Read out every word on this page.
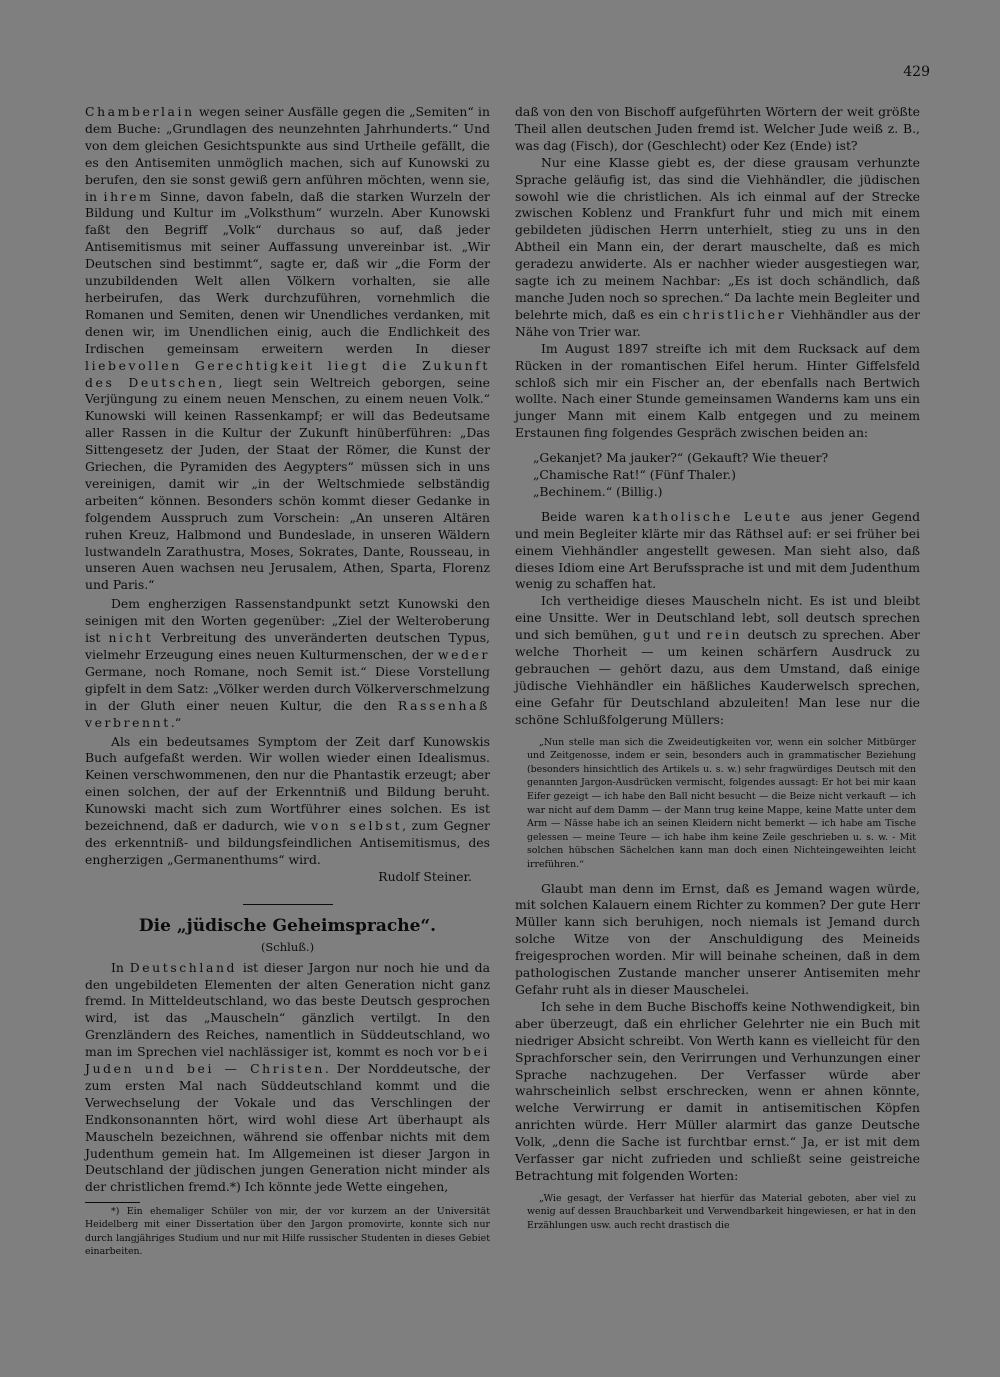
429

Chamberlain wegen seiner Ausfälle gegen die „Semiten“ in dem Buche: „Grundlagen des neunzehnten Jahrhunderts.“ Und von dem gleichen Gesichtspunkte aus sind Urtheile gefällt, die es den Antisemiten unmöglich machen, sich auf Kunowski zu berufen, den sie sonst gewiß gern anführen möchten, wenn sie, in ihrem Sinne, davon fabeln, daß die starken Wurzeln der Bildung und Kultur im „Volksthum“ wurzeln. Aber Kunowski faßt den Begriff „Volk“ durchaus so auf, daß jeder Antisemitismus mit seiner Auffassung unvereinbar ist. „Wir Deutschen sind bestimmt“, sagte er, daß wir „die Form der unzubildenden Welt allen Völkern vorhalten, sie alle herbeirufen, das Werk durchzuführen, vornehmlich die Romanen und Semiten, denen wir Unendliches verdanken, mit denen wir, im Unendlichen einig, auch die Endlichkeit des Irdischen gemeinsam erweitern werden In dieser liebevollen Gerechtigkeit liegt die Zukunft des Deutschen, liegt sein Weltreich geborgen, seine Verjüngung zu einem neuen Menschen, zu einem neuen Volk.“ Kunowski will keinen Rassenkampf; er will das Bedeutsame aller Rassen in die Kultur der Zukunft hinüberführen: „Das Sittengesetz der Juden, der Staat der Römer, die Kunst der Griechen, die Pyramiden des Aegypters“ müssen sich in uns vereinigen, damit wir „in der Weltschmiede selbständig arbeiten“ können. Besonders schön kommt dieser Gedanke in folgendem Ausspruch zum Vorschein: „An unseren Altären ruhen Kreuz, Halbmond und Bundeslade, in unseren Wäldern lustwandeln Zarathustra, Moses, Sokrates, Dante, Rousseau, in unseren Auen wachsen neu Jerusalem, Athen, Sparta, Florenz und Paris.“

Dem engherzigen Rassenstandpunkt setzt Kunowski den seinigen mit den Worten gegenüber: „Ziel der Welteroberung ist nicht Verbreitung des unveränderten deutschen Typus, vielmehr Erzeugung eines neuen Kulturmenschen, der weder Germane, noch Romane, noch Semit ist.“ Diese Vorstellung gipfelt in dem Satz: „Völker werden durch Völkerverschmelzung in der Gluth einer neuen Kultur, die den Rassenhaß verbrennt.“

Als ein bedeutsames Symptom der Zeit darf Kunowskis Buch aufgefaßt werden. Wir wollen wieder einen Idealismus. Keinen verschwommenen, den nur die Phantastik erzeugt; aber einen solchen, der auf der Erkenntniß und Bildung beruht. Kunowski macht sich zum Wortführer eines solchen. Es ist bezeichnend, daß er dadurch, wie von selbst, zum Gegner des erkenntniß- und bildungsfeindlichen Antisemitismus, des engherzigen „Germanenthums“ wird.

Rudolf Steiner.
Die „jüdische Geheimsprache“.
(Schluß.)

In Deutschland ist dieser Jargon nur noch hie und da den ungebildeten Elementen der alten Generation nicht ganz fremd. In Mitteldeutschland, wo das beste Deutsch gesprochen wird, ist das „Mauscheln“ gänzlich vertilgt. In den Grenzländern des Reiches, namentlich in Süddeutschland, wo man im Sprechen viel nachlässiger ist, kommt es noch vor bei Juden und bei — Christen. Der Norddeutsche, der zum ersten Mal nach Süddeutschland kommt und die Verwechselung der Vokale und das Verschlingen der Endkonsonannten hört, wird wohl diese Art überhaupt als Mauscheln bezeichnen, während sie offenbar nichts mit dem Judenthum gemein hat. Im Allgemeinen ist dieser Jargon in Deutschland der jüdischen jungen Generation nicht minder als der christlichen fremd.*) Ich könnte jede Wette eingehen,

*) Ein ehemaliger Schüler von mir, der vor kurzem an der Universität Heidelberg mit einer Dissertation über den Jargon promovirte, konnte sich nur durch langjähriges Studium und nur mit Hilfe russischer Studenten in dieses Gebiet einarbeiten.

daß von den von Bischoff aufgeführten Wörtern der weit größte Theil allen deutschen Juden fremd ist. Welcher Jude weiß z. B., was dag (Fisch), dor (Geschlecht) oder Kez (Ende) ist?

Nur eine Klasse giebt es, der diese grausam verhunzte Sprache geläufig ist, das sind die Viehhändler, die jüdischen sowohl wie die christlichen. Als ich einmal auf der Strecke zwischen Koblenz und Frankfurt fuhr und mich mit einem gebildeten jüdischen Herrn unterhielt, stieg zu uns in den Abtheil ein Mann ein, der derart mauschelte, daß es mich geradezu anwiderte. Als er nachher wieder ausgestiegen war, sagte ich zu meinem Nachbar: „Es ist doch schändlich, daß manche Juden noch so sprechen.“ Da lachte mein Begleiter und belehrte mich, daß es ein christlicher Viehhändler aus der Nähe von Trier war.

Im August 1897 streifte ich mit dem Rucksack auf dem Rücken in der romantischen Eifel herum. Hinter Giffelsfeld schloß sich mir ein Fischer an, der ebenfalls nach Bertwich wollte. Nach einer Stunde gemeinsamen Wanderns kam uns ein junger Mann mit einem Kalb entgegen und zu meinem Erstaunen fing folgendes Gespräch zwischen beiden an:

„Gekanjet? Ma jauker?“ (Gekauft? Wie theuer?
„Chamische Rat!“ (Fünf Thaler.)
„Bechinem.“ (Billig.)

Beide waren katholische Leute aus jener Gegend und mein Begleiter klärte mir das Räthsel auf: er sei früher bei einem Viehhändler angestellt gewesen. Man sieht also, daß dieses Idiom eine Art Berufssprache ist und mit dem Judenthum wenig zu schaffen hat.

Ich vertheidige dieses Mauscheln nicht. Es ist und bleibt eine Unsitte. Wer in Deutschland lebt, soll deutsch sprechen und sich bemühen, gut und rein deutsch zu sprechen. Aber welche Thorheit — um keinen schärfern Ausdruck zu gebrauchen — gehört dazu, aus dem Umstand, daß einige jüdische Viehhändler ein häßliches Kauderwelsch sprechen, eine Gefahr für Deutschland abzuleiten! Man lese nur die schöne Schlußfolgerung Müllers:

„Nun stelle man sich die Zweideutigkeiten vor, wenn ein solcher Mitbürger und Zeitgenosse, indem er sein, besonders auch in grammatischer Beziehung (besonders hinsichtlich des Artikels u. s. w.) sehr fragwürdiges Deutsch mit den genannten Jargon-Ausdrücken vermischt, folgendes aussagt: Er hot bei mir kaan Eifer gezeigt — ich habe den Ball nicht besucht — die Beize nicht verkauft — ich war nicht auf dem Damm — der Mann trug keine Mappe, keine Matte unter dem Arm — Nässe habe ich an seinen Kleidern nicht bemerkt — ich habe am Tische gelessen — meine Teure — ich habe ihm keine Zeile geschrieben u. s. w. - Mit solchen hübschen Sächelchen kann man doch einen Nichteingeweihten leicht irreführen.“

Glaubt man denn im Ernst, daß es Jemand wagen würde, mit solchen Kalauern einem Richter zu kommen? Der gute Herr Müller kann sich beruhigen, noch niemals ist Jemand durch solche Witze von der Anschuldigung des Meineids freigesprochen worden. Mir will beinahe scheinen, daß in dem pathologischen Zustande mancher unserer Antisemiten mehr Gefahr ruht als in dieser Mauschelei.

Ich sehe in dem Buche Bischoffs keine Nothwendigkeit, bin aber überzeugt, daß ein ehrlicher Gelehrter nie ein Buch mit niedriger Absicht schreibt. Von Werth kann es vielleicht für den Sprachforscher sein, den Verirrungen und Verhunzungen einer Sprache nachzugehen. Der Verfasser würde aber wahrscheinlich selbst erschrecken, wenn er ahnen könnte, welche Verwirrung er damit in antisemitischen Köpfen anrichten würde. Herr Müller alarmirt das ganze Deutsche Volk, „denn die Sache ist furchtbar ernst.“ Ja, er ist mit dem Verfasser gar nicht zufrieden und schließt seine geistreiche Betrachtung mit folgenden Worten:

„Wie gesagt, der Verfasser hat hierfür das Material geboten, aber viel zu wenig auf dessen Brauchbarkeit und Verwendbarkeit hingewiesen, er hat in den Erzählungen usw. auch recht drastisch die
